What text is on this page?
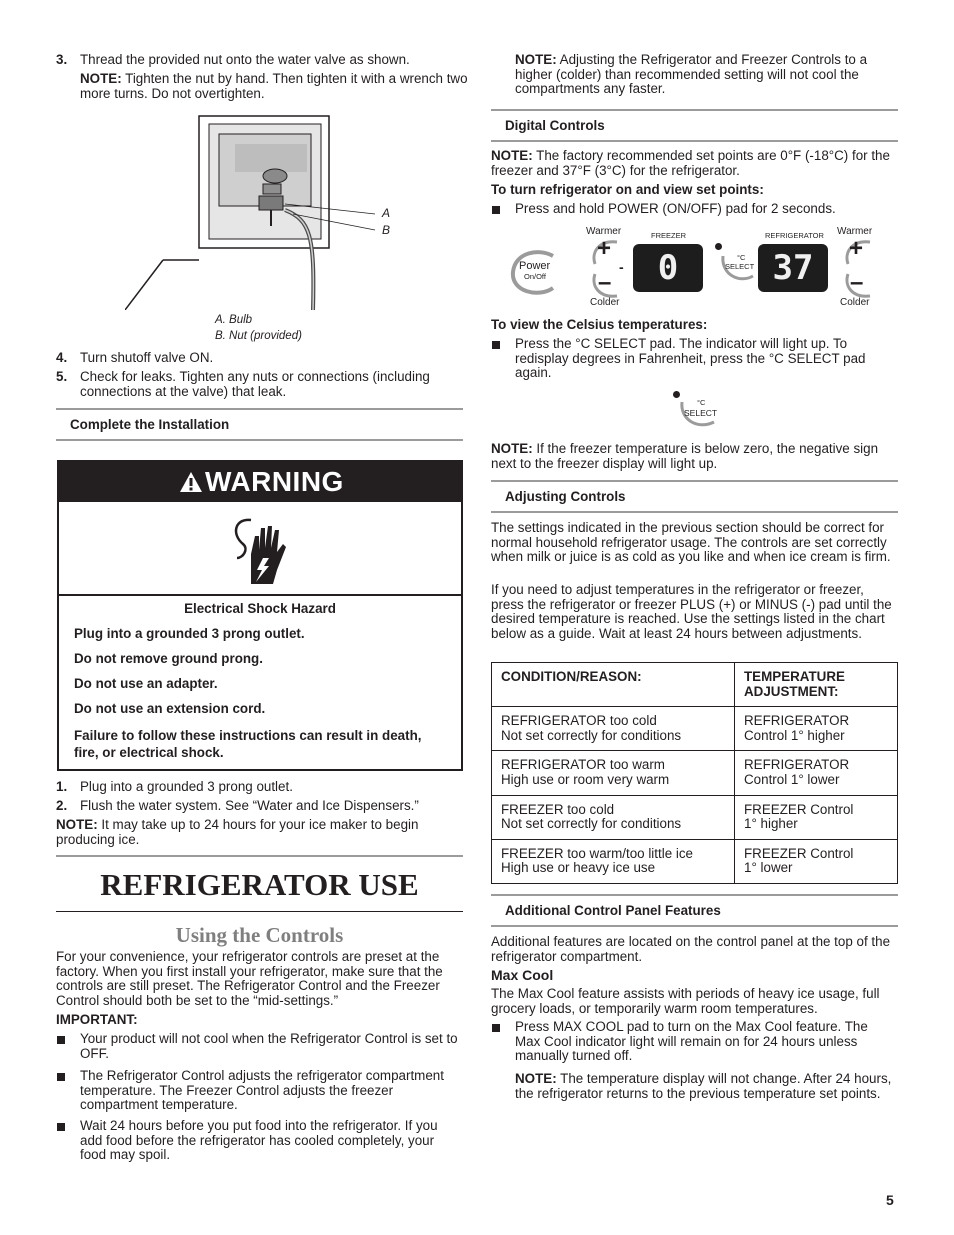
3. Thread the provided nut onto the water valve as shown.

NOTE: Tighten the nut by hand. Then tighten it with a wrench two more turns. Do not overtighten.

A
B
A. Bulb
B. Nut (provided)
4. Turn shutoff valve ON.

5. Check for leaks. Tighten any nuts or connections (including connections at the valve) that leak.

Complete the Installation
WARNING

Electrical Shock Hazard

Plug into a grounded 3 prong outlet.

Do not remove ground prong.

Do not use an adapter.

Do not use an extension cord.

Failure to follow these instructions can result in death, fire, or electrical shock.

1. Plug into a grounded 3 prong outlet.

2. Flush the water system. See “Water and Ice Dispensers.”

NOTE: It may take up to 24 hours for your ice maker to begin producing ice.

REFRIGERATOR USE
Using the Controls

For your convenience, your refrigerator controls are preset at the factory. When you first install your refrigerator, make sure that the controls are still preset. The Refrigerator Control and the Freezer Control should both be set to the “mid-settings.”

IMPORTANT:

Your product will not cool when the Refrigerator Control is set to OFF.

The Refrigerator Control adjusts the refrigerator compartment temperature. The Freezer Control adjusts the freezer compartment temperature.

Wait 24 hours before you put food into the refrigerator. If you add food before the refrigerator has cooled completely, your food may spoil.

NOTE: Adjusting the Refrigerator and Freezer Controls to a higher (colder) than recommended setting will not cool the compartments any faster.

Digital Controls

NOTE: The factory recommended set points are 0°F (-18°C) for the freezer and 37°F (3°C) for the refrigerator.

To turn refrigerator on and view set points:

Press and hold POWER (ON/OFF) pad for 2 seconds.

Power
On/Off
Warmer
+
–
Colder
-
FREEZER
0	°C
SELECT
REFRIGERATOR
37
Warmer
+
–
Colder

To view the Celsius temperatures:

Press the °C SELECT pad. The indicator will light up. To redisplay degrees in Fahrenheit, press the °C SELECT pad again.

°C
SELECT

NOTE: If the freezer temperature is below zero, the negative sign next to the freezer display will light up.

Adjusting Controls

The settings indicated in the previous section should be correct for normal household refrigerator usage. The controls are set correctly when milk or juice is as cold as you like and when ice cream is firm.

If you need to adjust temperatures in the refrigerator or freezer, press the refrigerator or freezer PLUS (+) or MINUS (-) pad until the desired temperature is reached. Use the settings listed in the chart below as a guide. Wait at least 24 hours between adjustments.

CONDITION/REASON:	TEMPERATURE ADJUSTMENT:
REFRIGERATOR too cold
Not set correctly for conditions	REFRIGERATOR
Control 1° higher
REFRIGERATOR too warm
High use or room very warm	REFRIGERATOR
Control 1° lower
FREEZER too cold
Not set correctly for conditions	FREEZER Control
1° higher
FREEZER too warm/too little ice
High use or heavy ice use	FREEZER Control
1° lower
Additional Control Panel Features

Additional features are located on the control panel at the top of the refrigerator compartment.

Max Cool

The Max Cool feature assists with periods of heavy ice usage, full grocery loads, or temporarily warm room temperatures.

Press MAX COOL pad to turn on the Max Cool feature. The Max Cool indicator light will remain on for 24 hours unless manually turned off.

NOTE: The temperature display will not change. After 24 hours, the refrigerator returns to the previous temperature set points.

5
